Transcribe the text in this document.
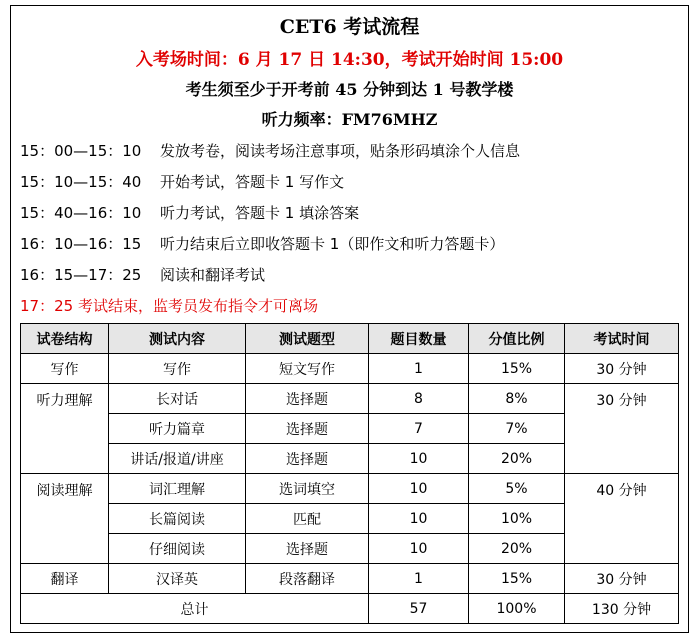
CET6 考试流程
入考场时间：6 月 17 日 14:30，考试开始时间 15:00
考生须至少于开考前 45 分钟到达 1 号教学楼
听力频率：FM76MHZ
15：00—15：10 发放考卷，阅读考场注意事项，贴条形码填涂个人信息
15：10—15：40 开始考试，答题卡 1 写作文
15：40—16：10 听力考试，答题卡 1 填涂答案
16：10—16：15 听力结束后立即收答题卡 1（即作文和听力答题卡）
16：15—17：25 阅读和翻译考试
17：25 考试结束，监考员发布指令才可离场
试卷结构	测试内容	测试题型	题目数量	分值比例	考试时间
写作	写作	短文写作	1	15%	30 分钟
听力理解	长对话	选择题	8	8%	30 分钟
	听力篇章	选择题	7	7%	
	讲话/报道/讲座	选择题	10	20%	
阅读理解	词汇理解	选词填空	10	5%	40 分钟
	长篇阅读	匹配	10	10%	
	仔细阅读	选择题	10	20%	
翻译	汉译英	段落翻译	1	15%	30 分钟
总计			57	100%	130 分钟
